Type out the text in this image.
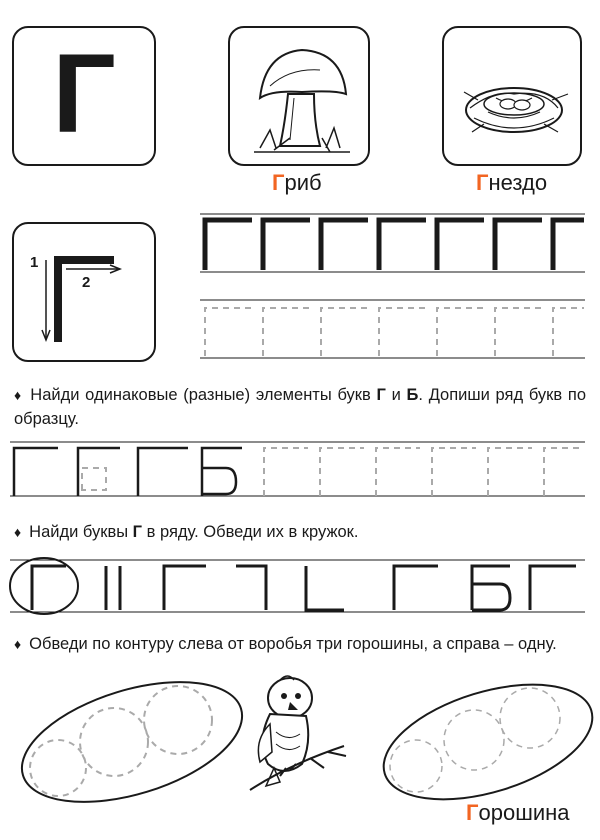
Г
Гриб	Гнездо
1
2
♦ Найди одинаковые (разные) элементы букв Г и Б. Допиши ряд букв по образцу.
♦ Найди буквы Г в ряду. Обведи их в кружок.
♦ Обведи по контуру слева от воробья три горошины, а справа – одну.
Горошина
